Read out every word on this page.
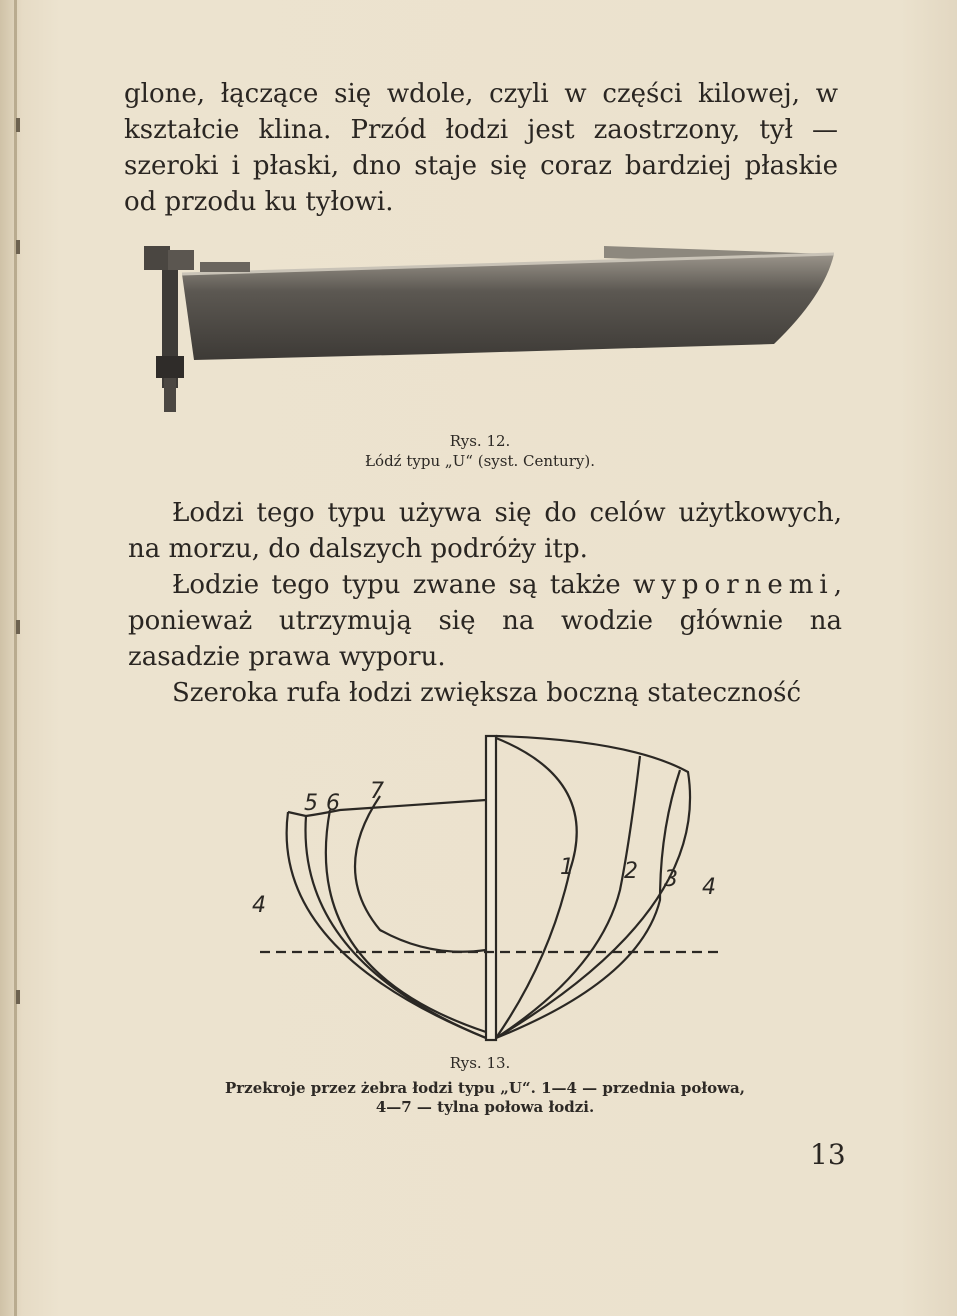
glone, łączące się wdole, czyli w części kilowej, w kształcie klina. Przód łodzi jest zaostrzony, tył — szeroki i płaski, dno staje się coraz bardziej płaskie od przodu ku tyłowi.

Rys. 12.

Łódź typu „U“ (syst. Century).

Łodzi tego typu używa się do celów użytkowych, na morzu, do dalszych podróży itp.

Łodzie tego typu zwane są także wypornemi, ponieważ utrzymują się na wodzie głównie na zasadzie prawa wyporu.

Szeroka rufa łodzi zwiększa boczną stateczność

1 2 3 4
4
5 6 7

Rys. 13.

Przekroje przez żebra łodzi typu „U“. 1—4 — przednia połowa, 4—7 — tylna połowa łodzi.

13
